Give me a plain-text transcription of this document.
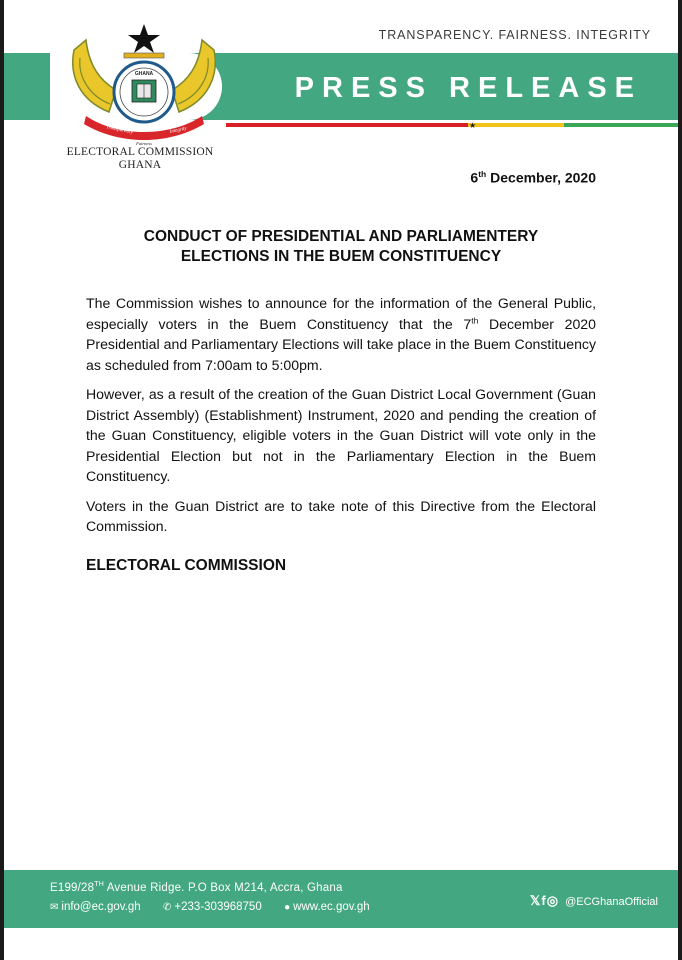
TRANSPARENCY. FAIRNESS. INTEGRITY
PRESS RELEASE
★
GHANA
Transparency	Integrity
Fairness
ELECTORAL COMMISSION
GHANA
6th December, 2020
CONDUCT OF PRESIDENTIAL AND PARLIAMENTERY
ELECTIONS IN THE BUEM CONSTITUENCY

The Commission wishes to announce for the information of the General Public, especially voters in the Buem Constituency that the 7th December 2020 Presidential and Parliamentary Elections will take place in the Buem Constituency as scheduled from 7:00am to 5:00pm.

However, as a result of the creation of the Guan District Local Government (Guan District Assembly) (Establishment) Instrument, 2020 and pending the creation of the Guan Constituency, eligible voters in the Guan District will vote only in the Presidential Election but not in the Parliamentary Election in the Buem Constituency.

Voters in the Guan District are to take note of this Directive from the Electoral Commission.

ELECTORAL COMMISSION
E199/28TH Avenue Ridge. P.O Box M214, Accra, Ghana
✉ info@ec.gov.gh ✆ +233-303968750 ● www.ec.gov.gh	𝕏f◎ @ECGhanaOfficial
